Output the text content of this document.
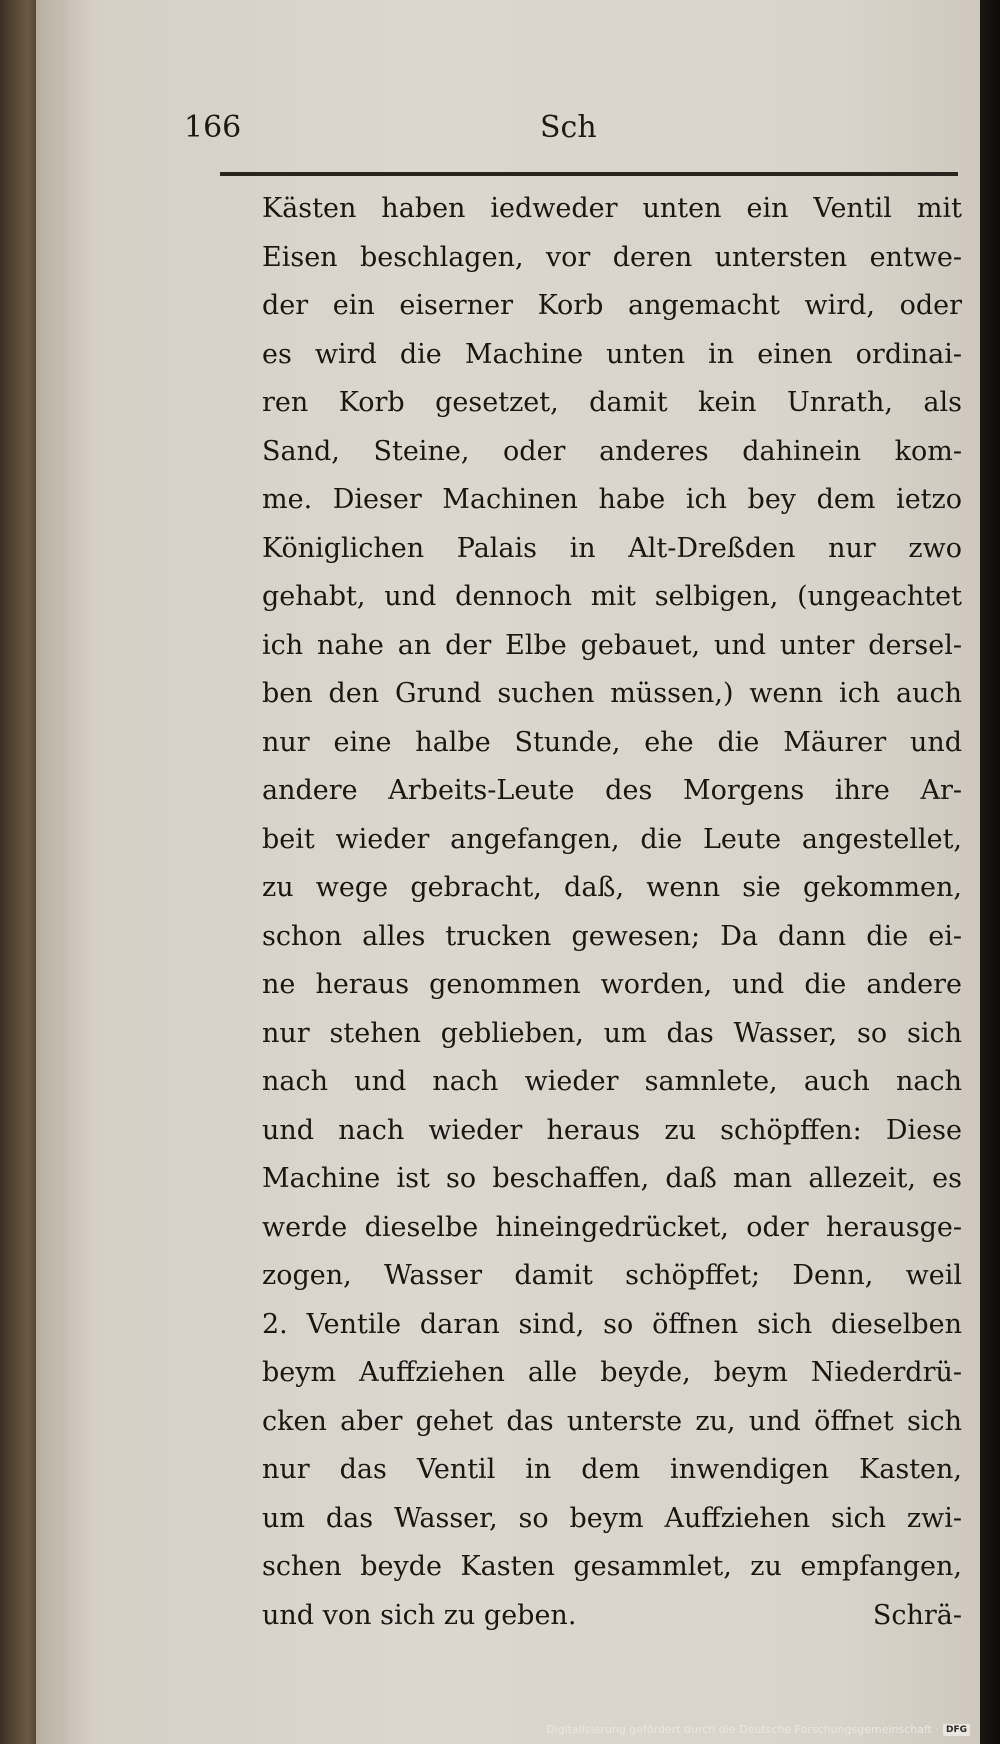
166	Sch
Kästen haben iedweder unten ein Ventil mit
Eisen beschlagen, vor deren untersten entwe-
der ein eiserner Korb angemacht wird, oder
es wird die Machine unten in einen ordinai-
ren Korb gesetzet, damit kein Unrath, als
Sand, Steine, oder anderes dahinein kom-
me. Dieser Machinen habe ich bey dem ietzo
Königlichen Palais in Alt-Dreßden nur zwo
gehabt, und dennoch mit selbigen, (ungeachtet
ich nahe an der Elbe gebauet, und unter dersel-
ben den Grund suchen müssen,) wenn ich auch
nur eine halbe Stunde, ehe die Mäurer und
andere Arbeits-Leute des Morgens ihre Ar-
beit wieder angefangen, die Leute angestellet,
zu wege gebracht, daß, wenn sie gekommen,
schon alles trucken gewesen; Da dann die ei-
ne heraus genommen worden, und die andere
nur stehen geblieben, um das Wasser, so sich
nach und nach wieder samnlete, auch nach
und nach wieder heraus zu schöpffen: Diese
Machine ist so beschaffen, daß man allezeit, es
werde dieselbe hineingedrücket, oder herausge-
zogen, Wasser damit schöpffet; Denn, weil
2. Ventile daran sind, so öffnen sich dieselben
beym Auffziehen alle beyde, beym Niederdrü-
cken aber gehet das unterste zu, und öffnet sich
nur das Ventil in dem inwendigen Kasten,
um das Wasser, so beym Auffziehen sich zwi-
schen beyde Kasten gesammlet, zu empfangen,
und von sich zu geben.	Schrä-
Digitalisierung gefördert durch die Deutsche Forschungsgemeinschaft · DFG
